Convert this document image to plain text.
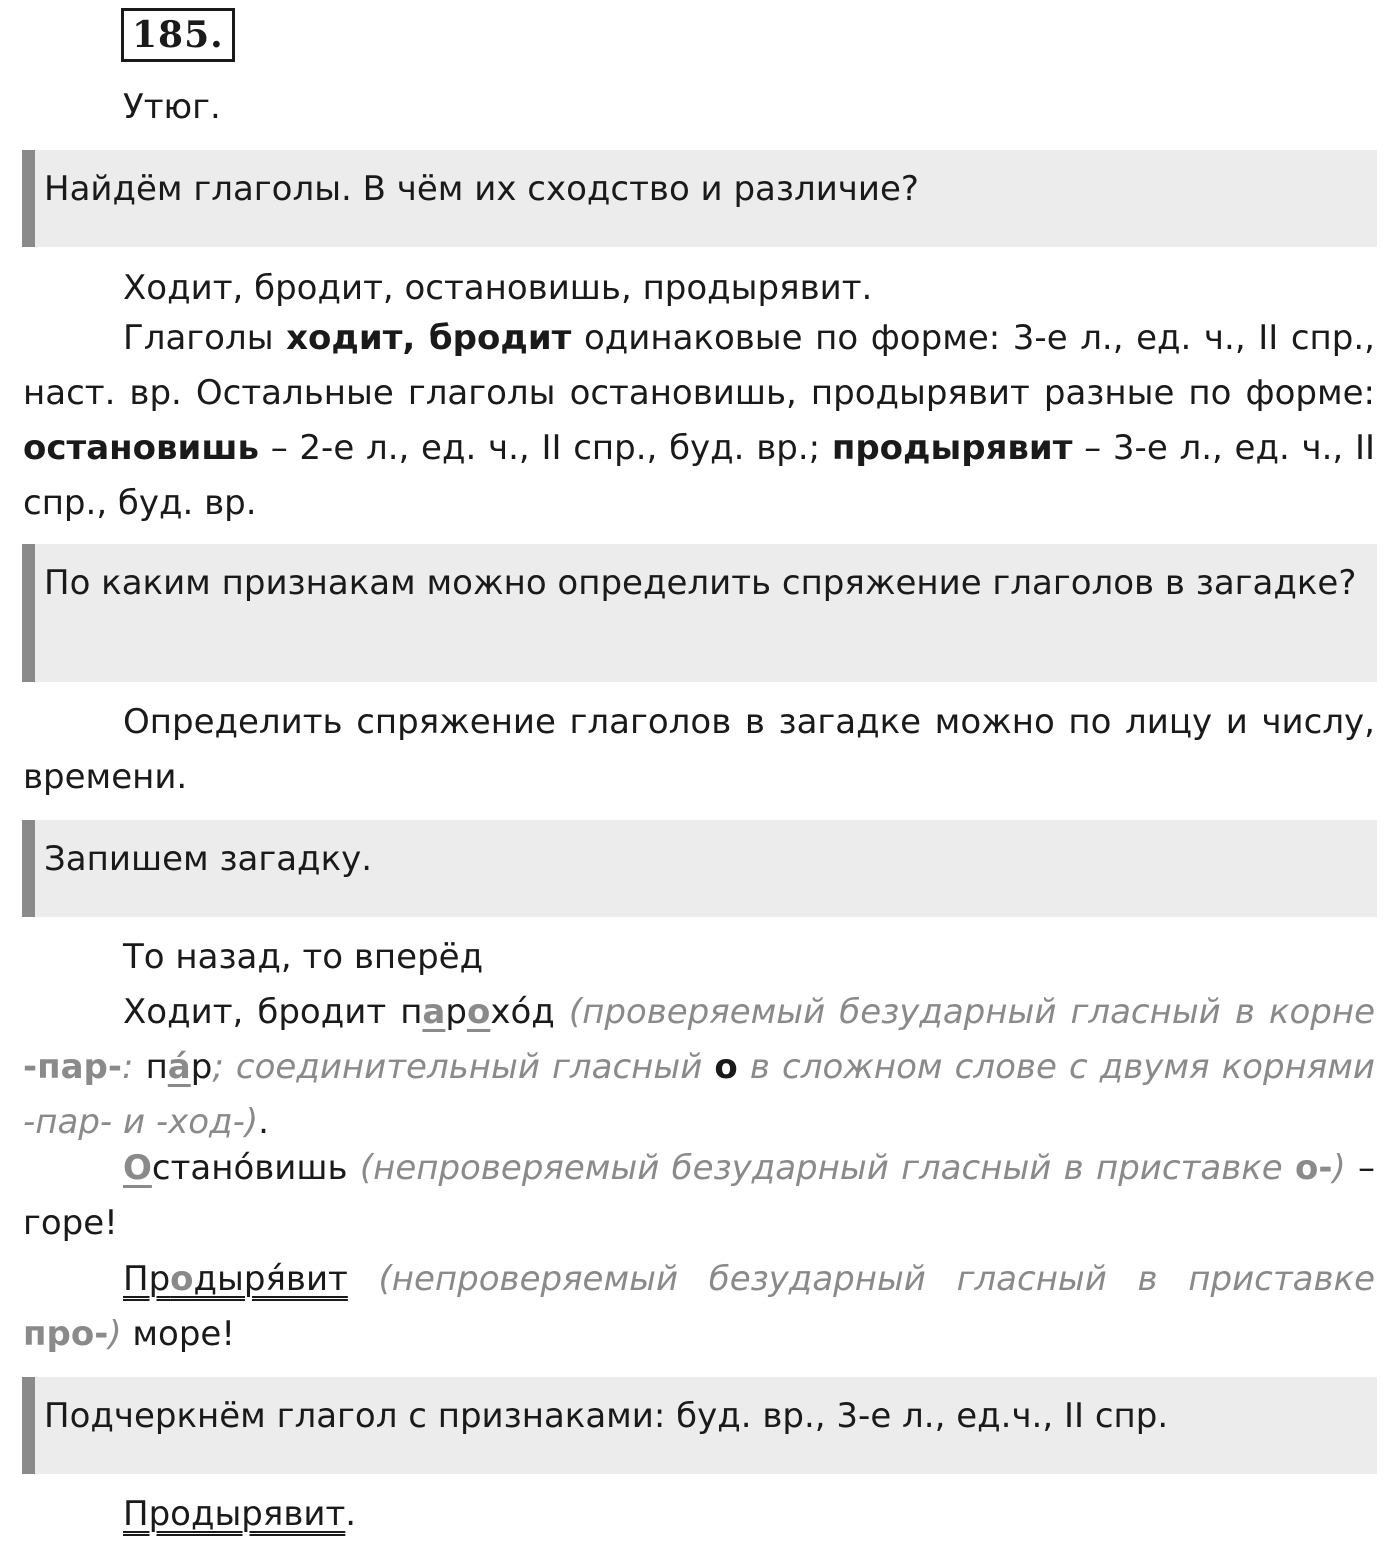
185.

Утюг.

Найдём глаголы. В чём их сходство и различие?

Ходит, бродит, остановишь, продырявит.

Глаголы ходит, бродит одинаковые по форме: 3-е л., ед. ч., II спр., наст. вр. Остальные глаголы остановишь, продырявит разные по форме: остановишь – 2-е л., ед. ч., II спр., буд. вр.; продырявит – 3-е л., ед. ч., II спр., буд. вр.

По каким признакам можно определить спряжение глаголов в загадке?

Определить спряжение глаголов в загадке можно по лицу и числу, времени.

Запишем загадку.

То назад, то вперёд

Ходит, бродит парохо́д (проверяемый безударный гласный в корне -пар-: па́р; соединительный гласный о в сложном слове с двумя корнями -пар- и -ход-).

Остано́вишь (непроверяемый безударный гласный в приставке о-) – горе!

Продыря́вит (непроверяемый безударный гласный в приставке про-) море!

Подчеркнём глагол с признаками: буд. вр., 3-е л., ед.ч., II спр.

Продырявит.
